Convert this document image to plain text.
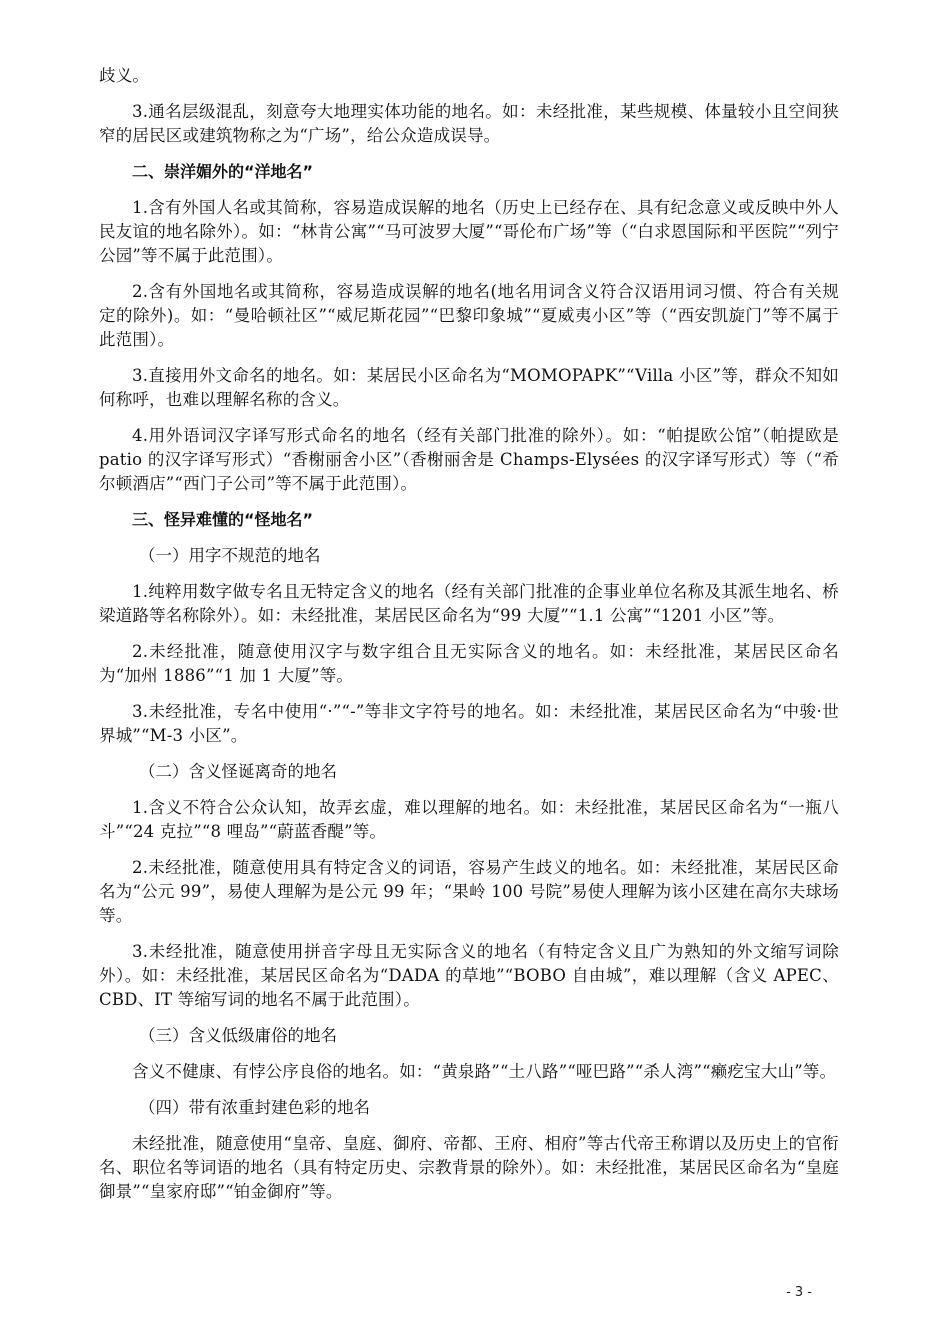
歧义。

3.通名层级混乱，刻意夸大地理实体功能的地名。如：未经批准，某些规模、体量较小且空间狭窄的居民区或建筑物称之为“广场”，给公众造成误导。

二、崇洋媚外的“洋地名”

1.含有外国人名或其简称，容易造成误解的地名（历史上已经存在、具有纪念意义或反映中外人民友谊的地名除外）。如：“林肯公寓”“马可波罗大厦”“哥伦布广场”等（“白求恩国际和平医院”“列宁公园”等不属于此范围）。

2.含有外国地名或其简称，容易造成误解的地名(地名用词含义符合汉语用词习惯、符合有关规定的除外)。如：“曼哈顿社区”“威尼斯花园”“巴黎印象城”“夏威夷小区”等（“西安凯旋门”等不属于此范围）。

3.直接用外文命名的地名。如：某居民小区命名为“MOMOPAPK”“Villa 小区”等，群众不知如何称呼，也难以理解名称的含义。

4.用外语词汉字译写形式命名的地名（经有关部门批准的除外）。如：“帕提欧公馆”（帕提欧是 patio 的汉字译写形式）“香榭丽舍小区”（香榭丽舍是 Champs-Elysées 的汉字译写形式）等（“希尔顿酒店”“西门子公司”等不属于此范围）。

三、怪异难懂的“怪地名”

（一）用字不规范的地名

1.纯粹用数字做专名且无特定含义的地名（经有关部门批准的企事业单位名称及其派生地名、桥梁道路等名称除外）。如：未经批准，某居民区命名为“99 大厦”“1.1 公寓”“1201 小区”等。

2.未经批准，随意使用汉字与数字组合且无实际含义的地名。如：未经批准，某居民区命名为“加州 1886”“1 加 1 大厦”等。

3.未经批准，专名中使用“·”“-”等非文字符号的地名。如：未经批准，某居民区命名为“中骏·世界城”“M-3 小区”。

（二）含义怪诞离奇的地名

1.含义不符合公众认知，故弄玄虚，难以理解的地名。如：未经批准，某居民区命名为“一瓶八斗”“24 克拉”“8 哩岛”“蔚蓝香醍”等。

2.未经批准，随意使用具有特定含义的词语，容易产生歧义的地名。如：未经批准，某居民区命名为“公元 99”，易使人理解为是公元 99 年；“果岭 100 号院”易使人理解为该小区建在高尔夫球场等。

3.未经批准，随意使用拼音字母且无实际含义的地名（有特定含义且广为熟知的外文缩写词除外）。如：未经批准，某居民区命名为“DADA 的草地”“BOBO 自由城”，难以理解（含义 APEC、CBD、IT 等缩写词的地名不属于此范围）。

（三）含义低级庸俗的地名

含义不健康、有悖公序良俗的地名。如：“黄泉路”“土八路”“哑巴路”“杀人湾”“癞疙宝大山”等。

（四）带有浓重封建色彩的地名

未经批准，随意使用“皇帝、皇庭、御府、帝都、王府、相府”等古代帝王称谓以及历史上的官衔名、职位名等词语的地名（具有特定历史、宗教背景的除外）。如：未经批准，某居民区命名为“皇庭御景”“皇家府邸”“铂金御府”等。

- 3 -
